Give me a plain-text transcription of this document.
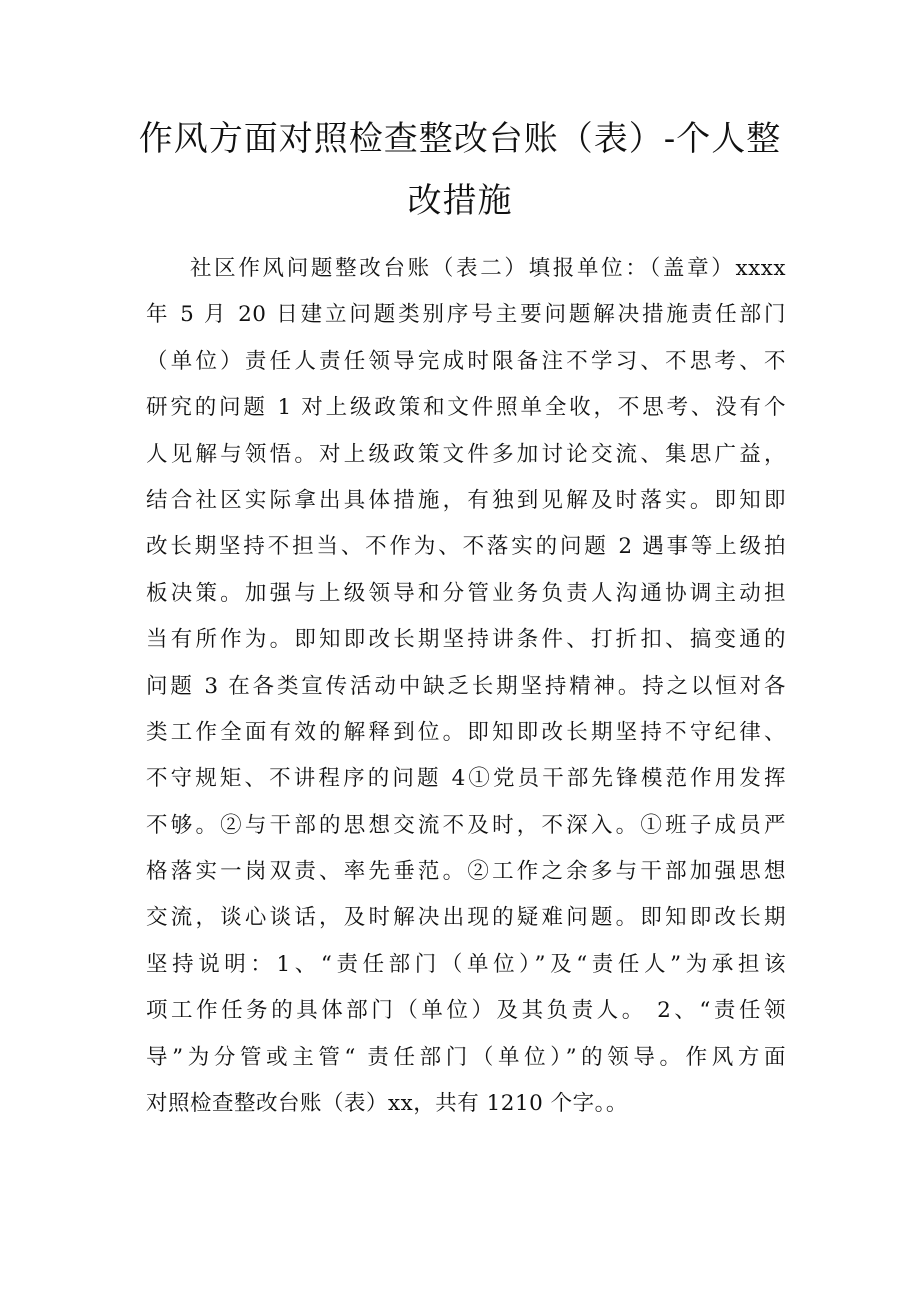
作风方面对照检查整改台账（表）-个人整
改措施
社区作风问题整改台账（表二）填报单位：（盖章）xxxx
年 5 月 20 日建立问题类别序号主要问题解决措施责任部门
（单位）责任人责任领导完成时限备注不学习、不思考、不
研究的问题 1 对上级政策和文件照单全收，不思考、没有个
人见解与领悟。对上级政策文件多加讨论交流、集思广益，
结合社区实际拿出具体措施，有独到见解及时落实。即知即
改长期坚持不担当、不作为、不落实的问题 2 遇事等上级拍
板决策。加强与上级领导和分管业务负责人沟通协调主动担
当有所作为。即知即改长期坚持讲条件、打折扣、搞变通的
问题 3 在各类宣传活动中缺乏长期坚持精神。持之以恒对各
类工作全面有效的解释到位。即知即改长期坚持不守纪律、
不守规矩、不讲程序的问题 4①党员干部先锋模范作用发挥
不够。②与干部的思想交流不及时，不深入。①班子成员严
格落实一岗双责、率先垂范。②工作之余多与干部加强思想
交流，谈心谈话，及时解决出现的疑难问题。即知即改长期
坚持说明：1、“责任部门（单位）”及“责任人”为承担该
项工作任务的具体部门（单位）及其负责人。 2、“责任领
导”为分管或主管“ 责任部门（单位）”的领导。作风方面
对照检查整改台账（表）xx，共有 1210 个字。。
